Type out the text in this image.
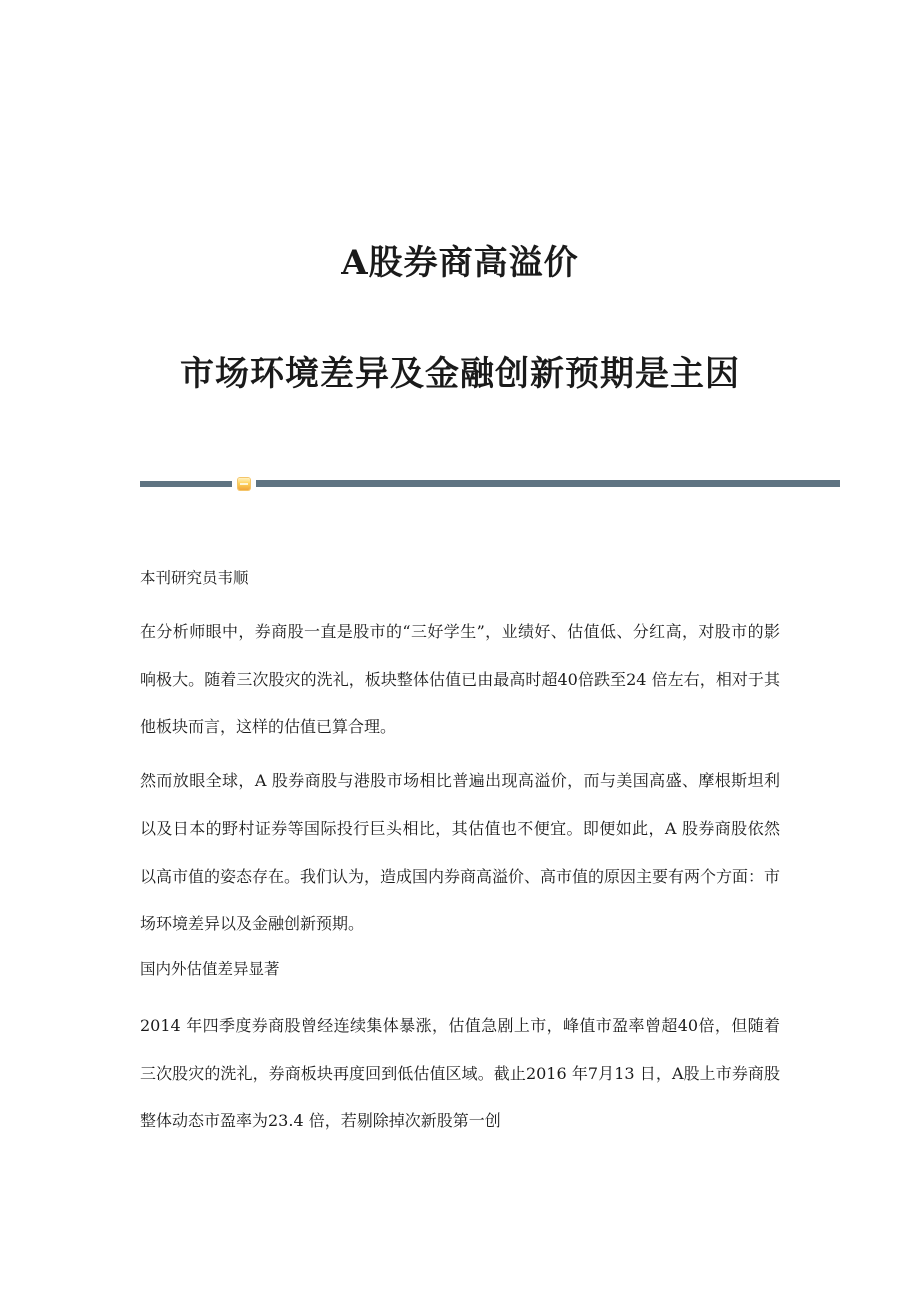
A股券商高溢价
市场环境差异及金融创新预期是主因

本刊研究员韦顺

在分析师眼中，券商股一直是股市的“三好学生”，业绩好、估值低、分红高，对股市的影响极大。随着三次股灾的洗礼，板块整体估值已由最高时超40倍跌至24 倍左右，相对于其他板块而言，这样的估值已算合理。

然而放眼全球，A 股券商股与港股市场相比普遍出现高溢价，而与美国高盛、摩根斯坦利以及日本的野村证券等国际投行巨头相比，其估值也不便宜。即便如此，A 股券商股依然以高市值的姿态存在。我们认为，造成国内券商高溢价、高市值的原因主要有两个方面：市场环境差异以及金融创新预期。

国内外估值差异显著

2014 年四季度券商股曾经连续集体暴涨，估值急剧上市，峰值市盈率曾超40倍，但随着三次股灾的洗礼，券商板块再度回到低估值区域。截止2016 年7月13 日，A股上市券商股整体动态市盈率为23.4 倍，若剔除掉次新股第一创
